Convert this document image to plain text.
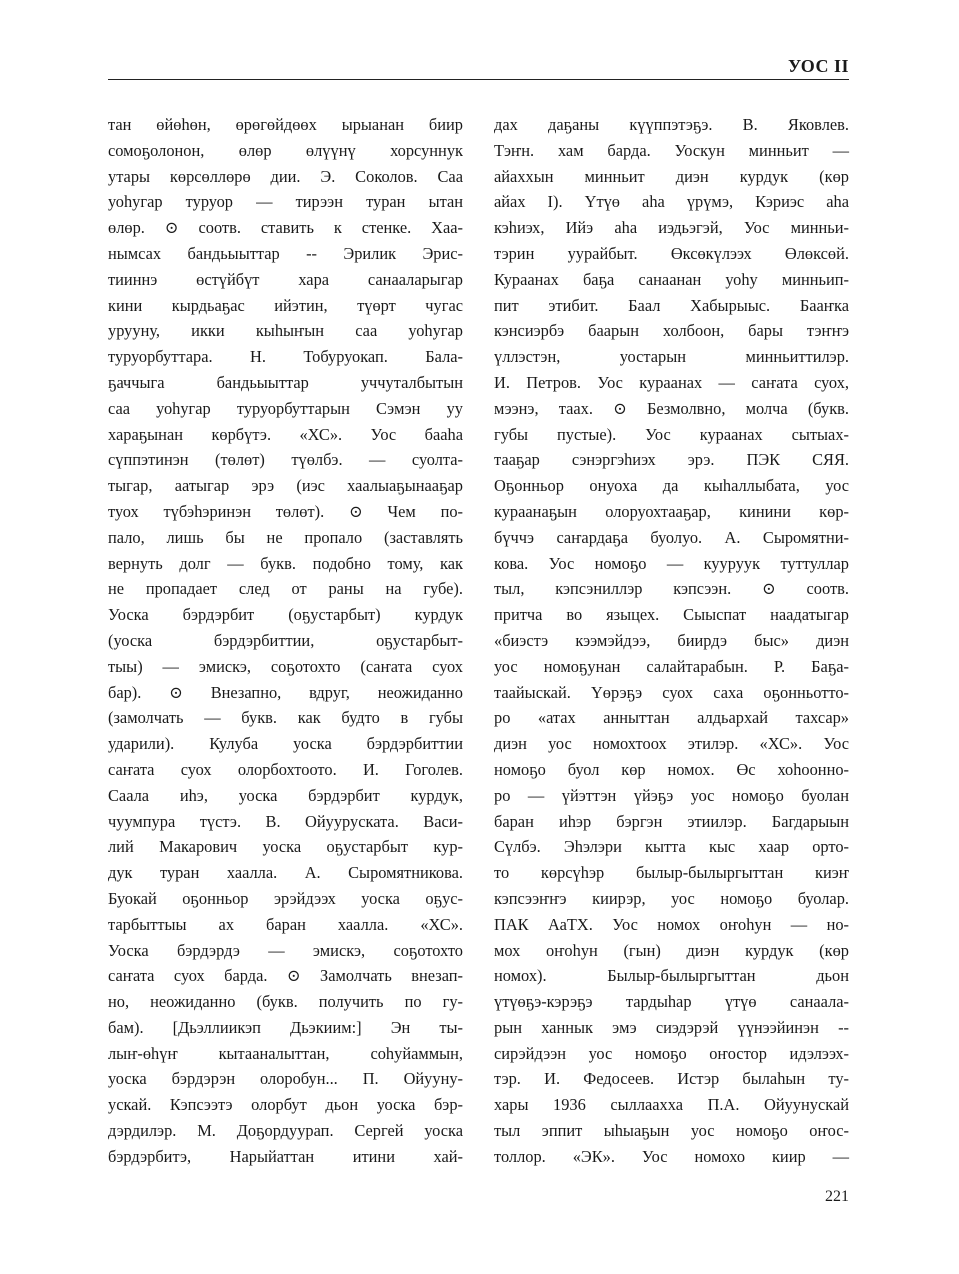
УОС II
тан өйөһөн, өрөгөйдөөх ырыанан биир
сомоҕолонон, өлөр өлүүнү хорсуннук
утары көрсөллөрө дии. Э. Соколов. Саа
уоһугар туруор — тирээн туран ытан
өлөр. ⊙ соотв. ставить к стенке. Хаа-
нымсах бандьыыттар -- Эрилик Эрис-
тииннэ өстүйбүт хара санааларыгар
кини кырдьаҕас ийэтин, түөрт чугас
урууну, икки кыһыҥын саа уоһугар
туруорбуттара. Н. Тобуруокап. Бала-
ҕаччыга бандьыыттар уччуталбытын
саа уоһугар туруорбуттарын Сэмэн уу
хараҕынан көрбүтэ. «ХС». Уос бааһа
сүппэтинэн (төлөт) түөлбэ. — суолта-
тыгар, аатыгар эрэ (иэс хаалыаҕынааҕар
туох түбэһэринэн төлөт). ⊙ Чем по-
пало, лишь бы не пропало (заставлять
вернуть долг — букв. подобно тому, как
не пропадает след от раны на губе).
Уоска бэрдэрбит (оҕустарбыт) курдук
(уоска бэрдэрбиттии, оҕустарбыт-
тыы) — эмискэ, соҕотохто (саҥата суох
бар). ⊙ Внезапно, вдруг, неожиданно
(замолчать — букв. как будто в губы
ударили). Кулуба уоска бэрдэрбиттии
саҥата суох олорбохтоото. И. Гоголев.
Саала иһэ, уоска бэрдэрбит курдук,
чуумпура түстэ. В. Ойууруската. Васи-
лий Макарович уоска оҕустарбыт кур-
дук туран хаалла. А. Сыромятникова.
Буокай оҕонньор эрэйдээх уоска оҕус-
тарбыттыы ах баран хаалла. «ХС».
Уоска бэрдэрдэ — эмискэ, соҕотохто
саҥата суох барда. ⊙ Замолчать внезап-
но, неожиданно (букв. получить по гу-
бам). [Дьэллиикэп Дьэкиим:] Эн ты-
лыҥ-өһүҥ кытааналыттан, соһуйаммын,
уоска бэрдэрэн олоробун... П. Ойууну-
ускай. Кэпсээтэ олорбут дьон уоска бэр-
дэрдилэр. М. Доҕордуурап. Сергей уоска
бэрдэрбитэ, Нарыйаттан итини хай-
дах даҕаны күүппэтэҕэ. В. Яковлев.
Тэҥн. хам барда. Уоскун минньит —
айаххын минньит диэн курдук (көр
айах I). Үтүө аһа үрүмэ, Кэриэс аһа
кэһиэх, Ийэ аһа иэдьэгэй, Уос минньи-
тэрин уурайбыт. Өксөкүлээх Өлөксөй.
Кураанах баҕа санаанан уоһу минньип-
пит этибит. Баал Хабырыыс. Бааҥка
кэнсиэрбэ баарын холбоон, бары тэҥҥэ
үллэстэн, уостарын минньиттилэр.
И. Петров. Уос кураанах — саҥата суох,
мээнэ, таах. ⊙ Безмолвно, молча (букв.
губы пустые). Уос кураанах сытыах-
тааҕар сэнэргэһиэх эрэ. ПЭК СЯЯ.
Оҕонньор онуоха да кыһаллыбата, уос
кураанаҕын олоруохтааҕар, кинини көр-
бүччэ саҥардаҕа буолуо. А. Сыромятни-
кова. Уос номоҕо — кууруук туттуллар
тыл, кэпсэниллэр кэпсээн. ⊙ соотв.
притча во языцех. Сыыспат наадатыгар
«биэстэ кээмэйдээ, биирдэ быс» диэн
уос номоҕунан салайтарабын. Р. Баҕа-
таайыскай. Үөрэҕэ суох саха оҕонньотто-
ро «атах анныттан алдьархай тахсар»
диэн уос номохтоох этилэр. «ХС». Уос
номоҕо буол көр номох. Өс хоһооннo-
ро — үйэттэн үйэҕэ уос номоҕо буолан
баран иһэр бэргэн этиилэр. Багдарыын
Сүлбэ. Эһэлэри кытта кыс хаар орто-
то көрсүһэр былыр-былыргыттан киэҥ
кэпсээҥҥэ киирэр, уос номоҕо буолар.
ПАК АаТХ. Уос номох оҥоһун — но-
мох оҥоһун (гын) диэн курдук (көр
номох). Былыр-былыргыттан дьон
үтүөҕэ-кэрэҕэ тардыһар үтүө санаала-
рын ханнык эмэ сиэдэрэй үүнээйинэн --
сирэйдээн уос номоҕо оҥостор идэлээх-
тэр. И. Федосеев. Истэр былаһын ту-
хары 1936 сыллаахха П.А. Ойуунускай
тыл эппит ыһыаҕын уос номоҕо оҥос-
толлор. «ЭК». Уос номохо киир —
221
